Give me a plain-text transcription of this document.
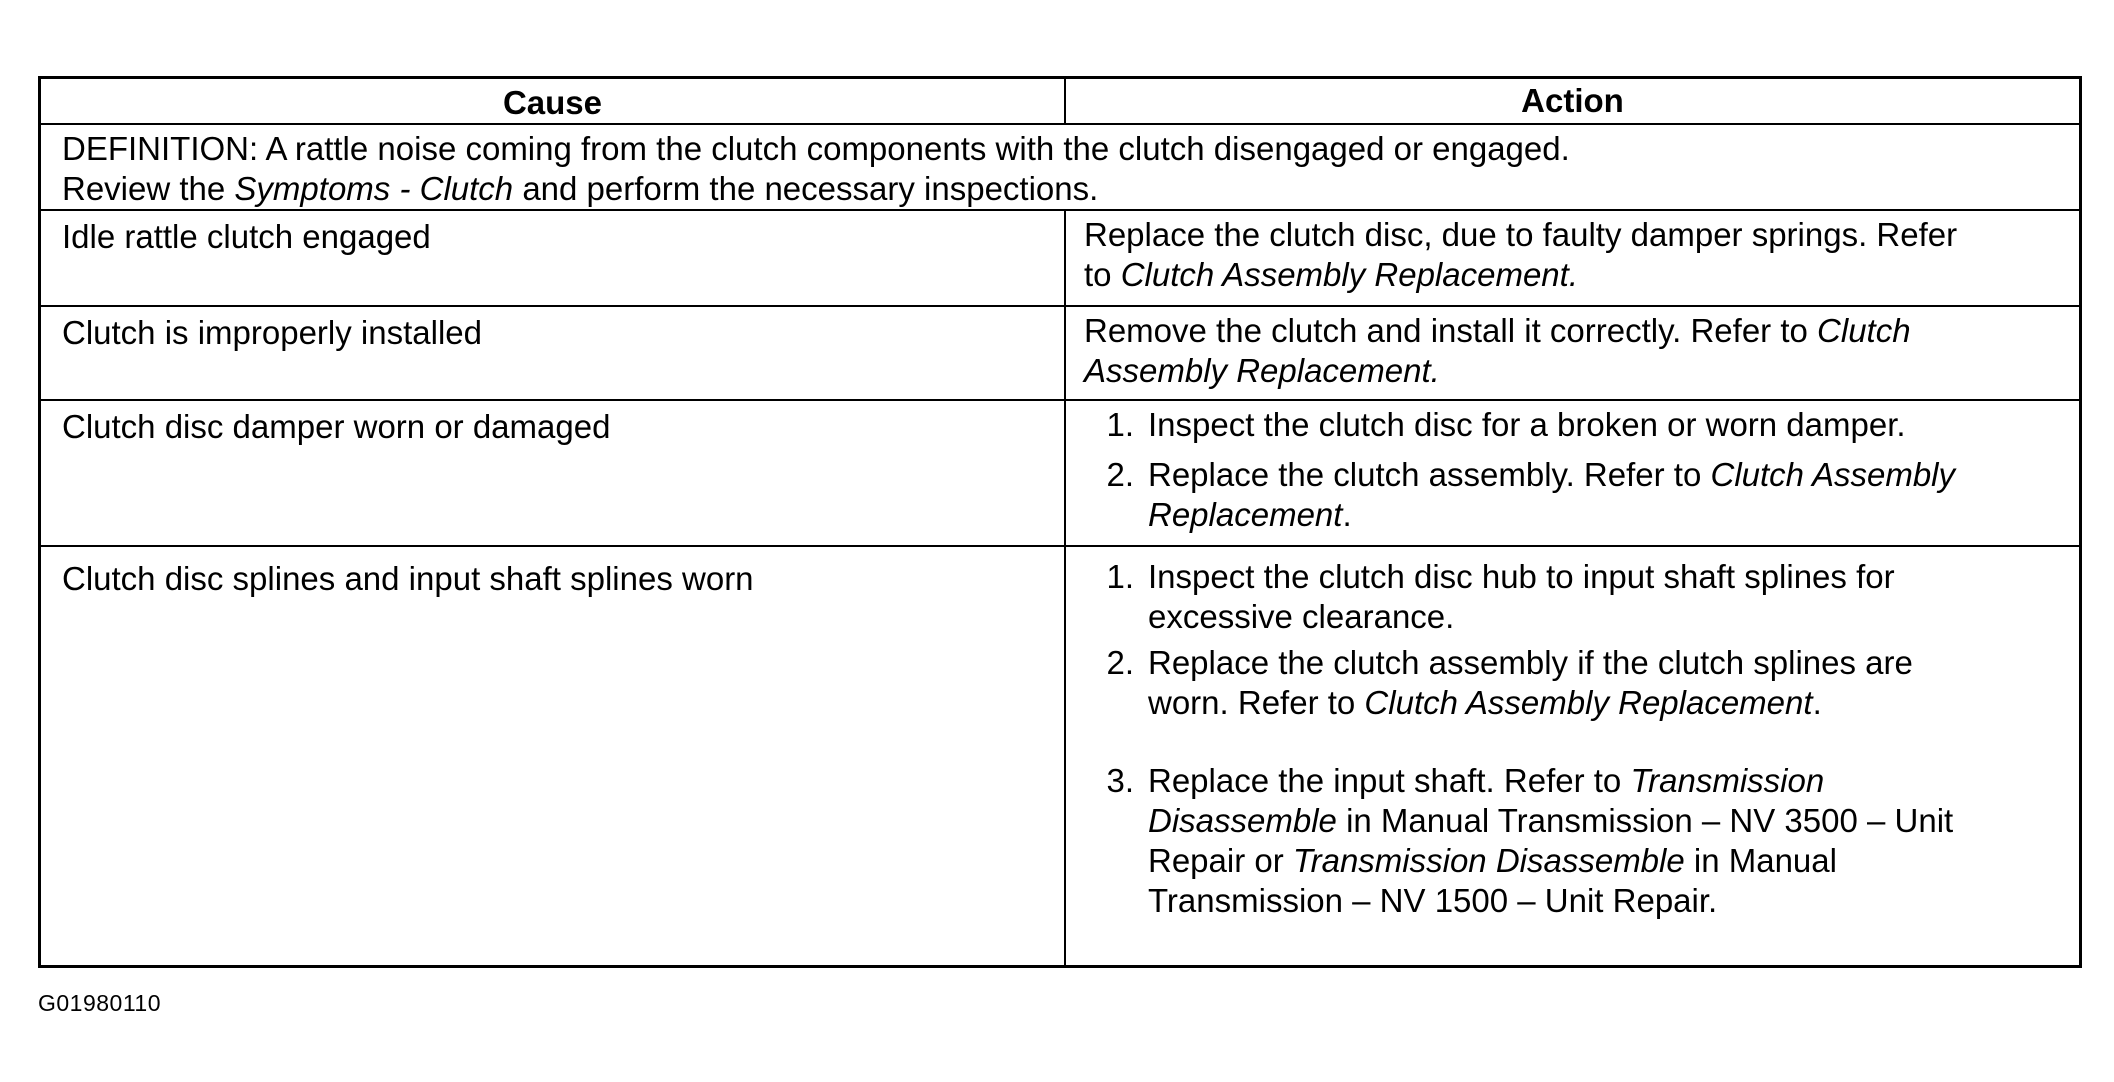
Cause	Action
DEFINITION: A rattle noise coming from the clutch components with the clutch disengaged or engaged.
Review the Symptoms - Clutch and perform the necessary inspections.
Idle rattle clutch engaged	Replace the clutch disc, due to faulty damper springs. Refer
to Clutch Assembly Replacement.
Clutch is improperly installed	Remove the clutch and install it correctly. Refer to Clutch
Assembly Replacement.
Clutch disc damper worn or damaged	1. Inspect the clutch disc for a broken or worn damper.
2. Replace the clutch assembly. Refer to Clutch Assembly
Replacement.
Clutch disc splines and input shaft splines worn	1. Inspect the clutch disc hub to input shaft splines for
excessive clearance.
2. Replace the clutch assembly if the clutch splines are
worn. Refer to Clutch Assembly Replacement.
3. Replace the input shaft. Refer to Transmission
Disassemble in Manual Transmission – NV 3500 – Unit
Repair or Transmission Disassemble in Manual
Transmission – NV 1500 – Unit Repair.
G01980110
